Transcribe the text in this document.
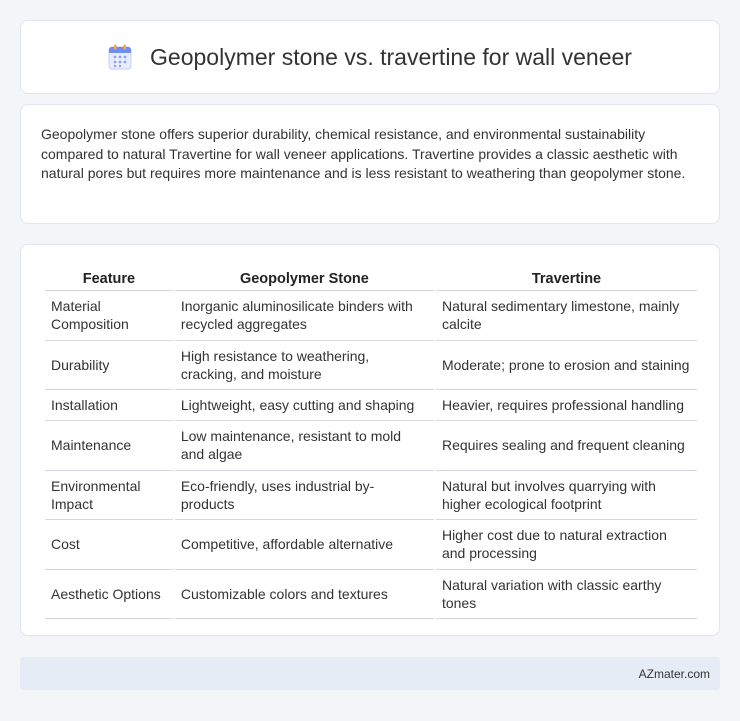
Geopolymer stone vs. travertine for wall veneer

Geopolymer stone offers superior durability, chemical resistance, and environmental sustainability compared to natural Travertine for wall veneer applications. Travertine provides a classic aesthetic with natural pores but requires more maintenance and is less resistant to weathering than geopolymer stone.

Feature	Geopolymer Stone	Travertine
Material Composition	Inorganic aluminosilicate binders with recycled aggregates	Natural sedimentary limestone, mainly calcite
Durability	High resistance to weathering, cracking, and moisture	Moderate; prone to erosion and staining
Installation	Lightweight, easy cutting and shaping	Heavier, requires professional handling
Maintenance	Low maintenance, resistant to mold and algae	Requires sealing and frequent cleaning
Environmental Impact	Eco-friendly, uses industrial by-products	Natural but involves quarrying with higher ecological footprint
Cost	Competitive, affordable alternative	Higher cost due to natural extraction and processing
Aesthetic Options	Customizable colors and textures	Natural variation with classic earthy tones
AZmater.com
